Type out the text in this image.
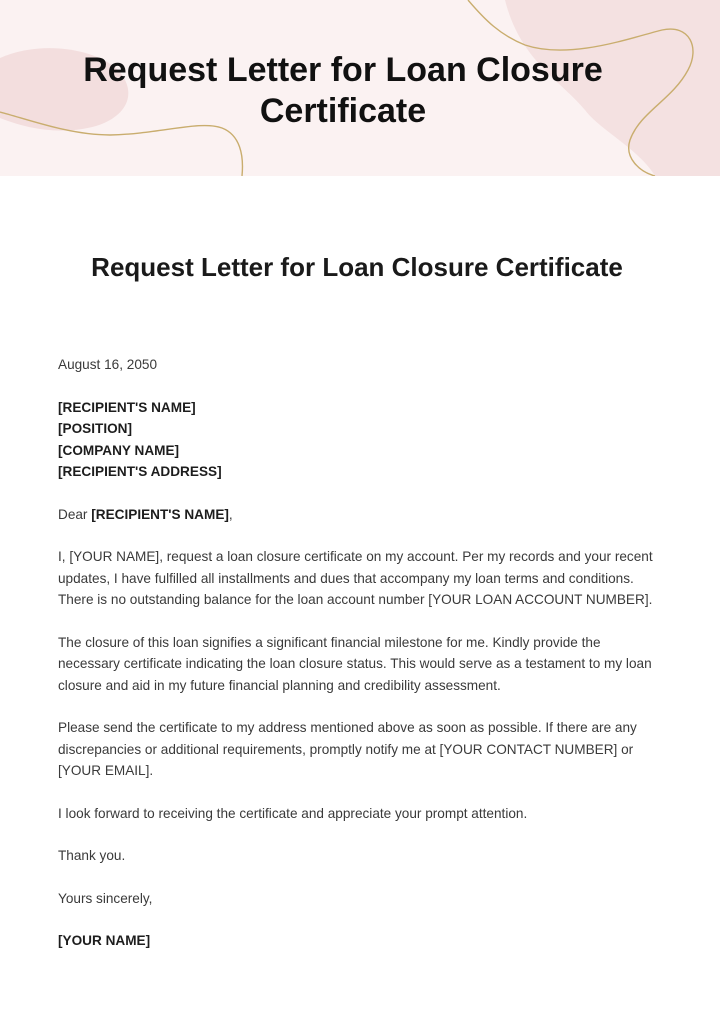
Request Letter for Loan Closure Certificate
Request Letter for Loan Closure Certificate

August 16, 2050

[RECIPIENT'S NAME]
[POSITION]
[COMPANY NAME]
[RECIPIENT'S ADDRESS]

Dear [RECIPIENT'S NAME],

I, [YOUR NAME], request a loan closure certificate on my account. Per my records and your recent updates, I have fulfilled all installments and dues that accompany my loan terms and conditions. There is no outstanding balance for the loan account number [YOUR LOAN ACCOUNT NUMBER].

The closure of this loan signifies a significant financial milestone for me. Kindly provide the necessary certificate indicating the loan closure status. This would serve as a testament to my loan closure and aid in my future financial planning and credibility assessment.

Please send the certificate to my address mentioned above as soon as possible. If there are any discrepancies or additional requirements, promptly notify me at [YOUR CONTACT NUMBER] or [YOUR EMAIL].

I look forward to receiving the certificate and appreciate your prompt attention.

Thank you.

Yours sincerely,

[YOUR NAME]
